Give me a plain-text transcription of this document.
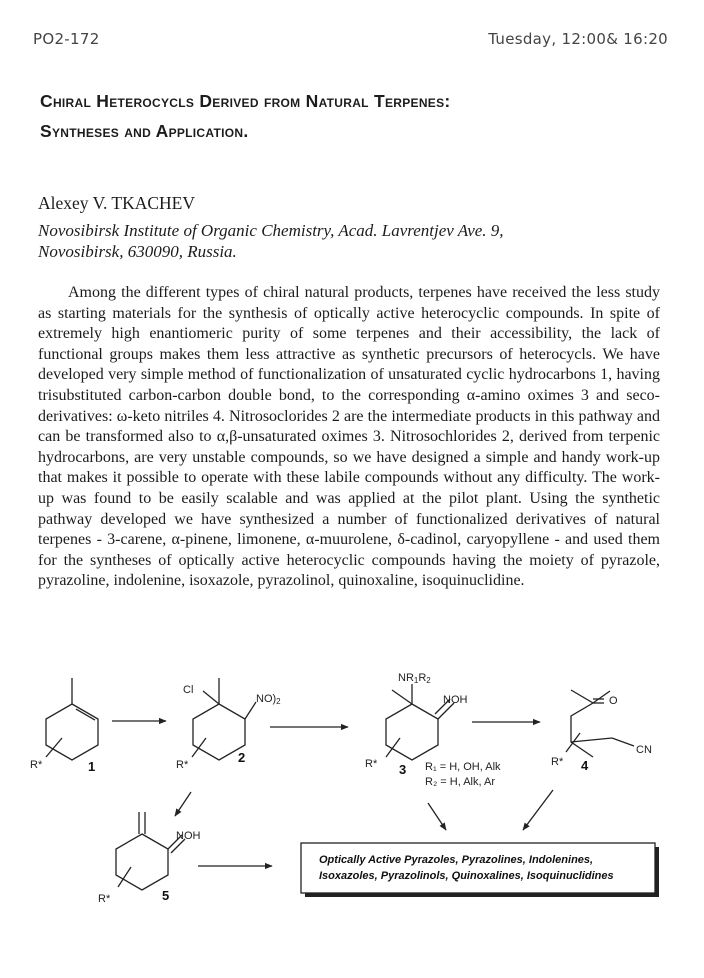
PO2-172	Tuesday, 12:00& 16:20
Chiral Heterocycls Derived from Natural Terpenes:
Syntheses and Application.
Alexey V. TKACHEV
Novosibirsk Institute of Organic Chemistry, Acad. Lavrentjev Ave. 9,
Novosibirsk, 630090, Russia.

Among the different types of chiral natural products, terpenes have received the less study as starting materials for the synthesis of optically active heterocyclic compounds. In spite of extremely high enantiomeric purity of some terpenes and their accessibility, the lack of functional groups makes them less attractive as synthetic precursors of heterocycls. We have developed very simple method of functionalization of unsaturated cyclic hydrocarbons 1, having trisubstituted carbon-carbon double bond, to the corresponding α-amino oximes 3 and seco-derivatives: ω-keto nitriles 4. Nitrosoclorides 2 are the intermediate products in this pathway and can be transformed also to α,β-unsaturated oximes 3. Nitrosochlorides 2, derived from terpenic hydrocarbons, are very unstable compounds, so we have designed a simple and handy work-up that makes it possible to operate with these labile compounds without any difficulty. The work-up was found to be easily scalable and was applied at the pilot plant. Using the synthetic pathway developed we have synthesized a number of functionalized derivatives of natural terpenes - 3-carene, α-pinene, limonene, α-muurolene, δ-cadinol, caryopyllene - and used them for the syntheses of optically active heterocyclic compounds having the moiety of pyrazole, pyrazoline, indolenine, isoxazole, pyrazolinol, quinoxaline, isoquinuclidine.

R*	1	R*
Cl
NO)2
2
NR1R2
NOH
R* 3 R₁ = H, OH, Alk
R₂ = H, Alk, Ar
O
CN
R* 4
NOH
R*	5
Optically Active Pyrazoles, Pyrazolines, Indolenines,
Isoxazoles, Pyrazolinols, Quinoxalines, Isoquinuclidines
